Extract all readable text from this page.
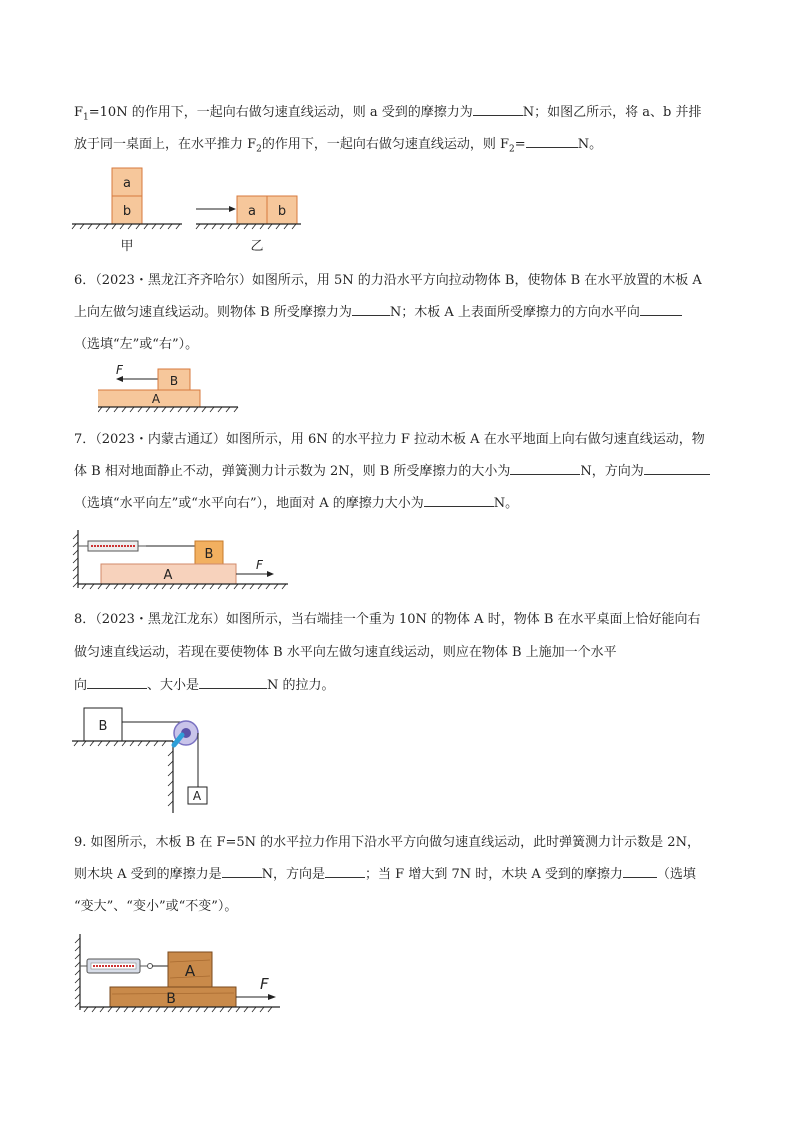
$F_1=10N$ 的作用下，一起向右做匀速直线运动，则 a 受到的摩擦力为	N；如图乙所示，将 a、b 并排
放于同一桌面上，在水平推力 $F_2$的作用下，一起向右做匀速直线运动，则 $F_2=$	N。
a
b
甲
a b
乙
6．（2023・黑龙江齐齐哈尔）如图所示，用 5N 的力沿水平方向拉动物体 B，使物体 B 在水平放置的木板 A
上向左做匀速直线运动。则物体 B 所受摩擦力为	N；木板 A 上表面所受摩擦力的方向水平向
（选填“左”或“右”）。
F
B
A
7．（2023・内蒙古通辽）如图所示，用 6N 的水平拉力 F 拉动木板 A 在水平地面上向右做匀速直线运动，物
体 B 相对地面静止不动，弹簧测力计示数为 2N，则 B 所受摩擦力的大小为	N，方向为
（选填“水平向左”或“水平向右”），地面对 A 的摩擦力大小为	N。
B
A
F
8．（2023・黑龙江龙东）如图所示，当右端挂一个重为 10N 的物体 A 时，物体 B 在水平桌面上恰好能向右
做匀速直线运动，若现在要使物体 B 水平向左做匀速直线运动，则应在物体 B 上施加一个水平
向	、大小是	N 的拉力。
B
A
9. 如图所示，木板 B 在 F=5N 的水平拉力作用下沿水平方向做匀速直线运动，此时弹簧测力计示数是 2N，
则木块 A 受到的摩擦力是	N，方向是	；当 F 增大到 7N 时，木块 A 受到的摩擦力	（选填
“变大”、“变小”或“不变”）。
A
B
F
